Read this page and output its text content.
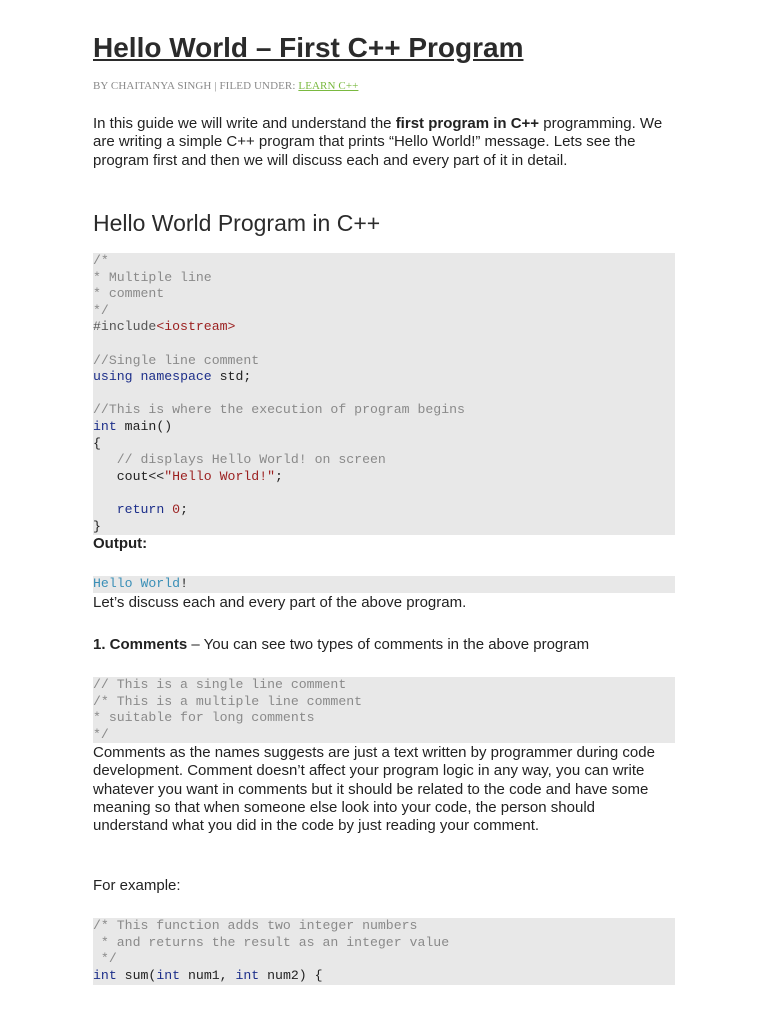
Hello World – First C++ Program
BY CHAITANYA SINGH | FILED UNDER: LEARN C++

In this guide we will write and understand the first program in C++ programming. We are writing a simple C++ program that prints “Hello World!” message. Lets see the program first and then we will discuss each and every part of it in detail.

Hello World Program in C++
/*
* Multiple line
* comment
*/
#include<iostream>
//Single line comment
using namespace std;
//This is where the execution of program begins
int main()
{
// displays Hello World! on screen
cout<<"Hello World!";
return 0;
}

Output:

Hello World!

Let’s discuss each and every part of the above program.

1. Comments – You can see two types of comments in the above program

// This is a single line comment
/* This is a multiple line comment
* suitable for long comments
*/

Comments as the names suggests are just a text written by programmer during code development. Comment doesn’t affect your program logic in any way, you can write whatever you want in comments but it should be related to the code and have some meaning so that when someone else look into your code, the person should understand what you did in the code by just reading your comment.

For example:

/* This function adds two integer numbers
* and returns the result as an integer value
*/
int sum(int num1, int num2) {
